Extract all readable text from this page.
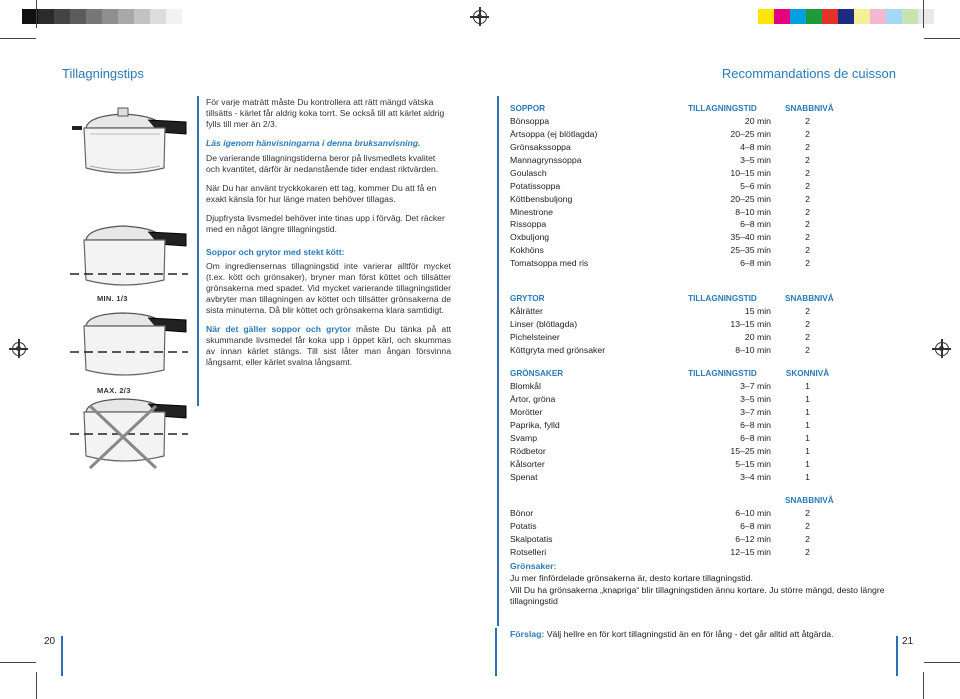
Tillagningstips	Recommandations de cuisson
MIN. 1/3
MAX. 2/3

För varje maträtt måste Du kontrollera att rätt mängd vätska tillsätts - kärlet får aldrig koka torrt. Se också till att kärlet aldrig fylls till mer än 2/3.

Läs igenom hänvisningarna i denna bruksanvisning.

De varierande tillagningstiderna beror på livsmedlets kvalitet och kvantitet, därför är nedanstående tider endast riktvärden.

När Du har använt tryckkokaren ett tag, kommer Du att få en exakt känsla för hur länge maten behöver tillagas.

Djupfrysta livsmedel behöver inte tinas upp i förväg. Det räcker med en något längre tillagningstid.

Soppor och grytor med stekt kött:

Om ingrediensernas tillagningstid inte varierar alltför mycket (t.ex. kött och grönsaker), bryner man först köttet och tillsätter grönsakerna med spadet. Vid mycket varierande tillagningstider avbryter man tillagningen av köttet och tillsätter grönsakerna de sista minuterna. Då blir köttet och grönsakerna klara samtidigt.

När det gäller soppor och grytor måste Du tänka på att skummande livsmedel får koka upp i öppet kärl, och skummas av innan kärlet stängs. Till sist låter man ångan försvinna långsamt, eller kärlet svalna långsamt.

SOPPOR	TILLAGNINGSTID	SNABBNIVÅ
Bönsoppa	20 min	2
Ärtsoppa (ej blötlagda)	20–25 min	2
Grönsakssoppa	4–8 min	2
Mannagrynssoppa	3–5 min	2
Goulasch	10–15 min	2
Potatissoppa	5–6 min	2
Köttbensbuljong	20–25 min	2
Minestrone	8–10 min	2
Rissoppa	6–8 min	2
Oxbuljong	35–40 min	2
Kokhöns	25–35 min	2
Tomatsoppa med ris	6–8 min	2
GRYTOR	TILLAGNINGSTID	SNABBNIVÅ
Kålrätter	15 min	2
Linser (blötlagda)	13–15 min	2
Pichelsteiner	20 min	2
Köttgryta med grönsaker	8–10 min	2
GRÖNSAKER	TILLAGNINGSTID	SKONNIVÅ
Blomkål	3–7 min	1
Ärtor, gröna	3–5 min	1
Morötter	3–7 min	1
Paprika, fylld	6–8 min	1
Svamp	6–8 min	1
Rödbetor	15–25 min	1
Kålsorter	5–15 min	1
Spenat	3–4 min	1
SNABBNIVÅ
Bönor	6–10 min	2
Potatis	6–8 min	2
Skalpotatis	6–12 min	2
Rotselleri	12–15 min	2
Grönsaker:
Ju mer finfördelade grönsakerna är, desto kortare tillagningstid.
Vill Du ha grönsakerna „knapriga“ blir tillagningstiden ännu kortare. Ju större mängd, desto längre tillagningstid
Förslag: Välj hellre en för kort tillagningstid än en för lång - det går alltid att åtgärda.
20	21
